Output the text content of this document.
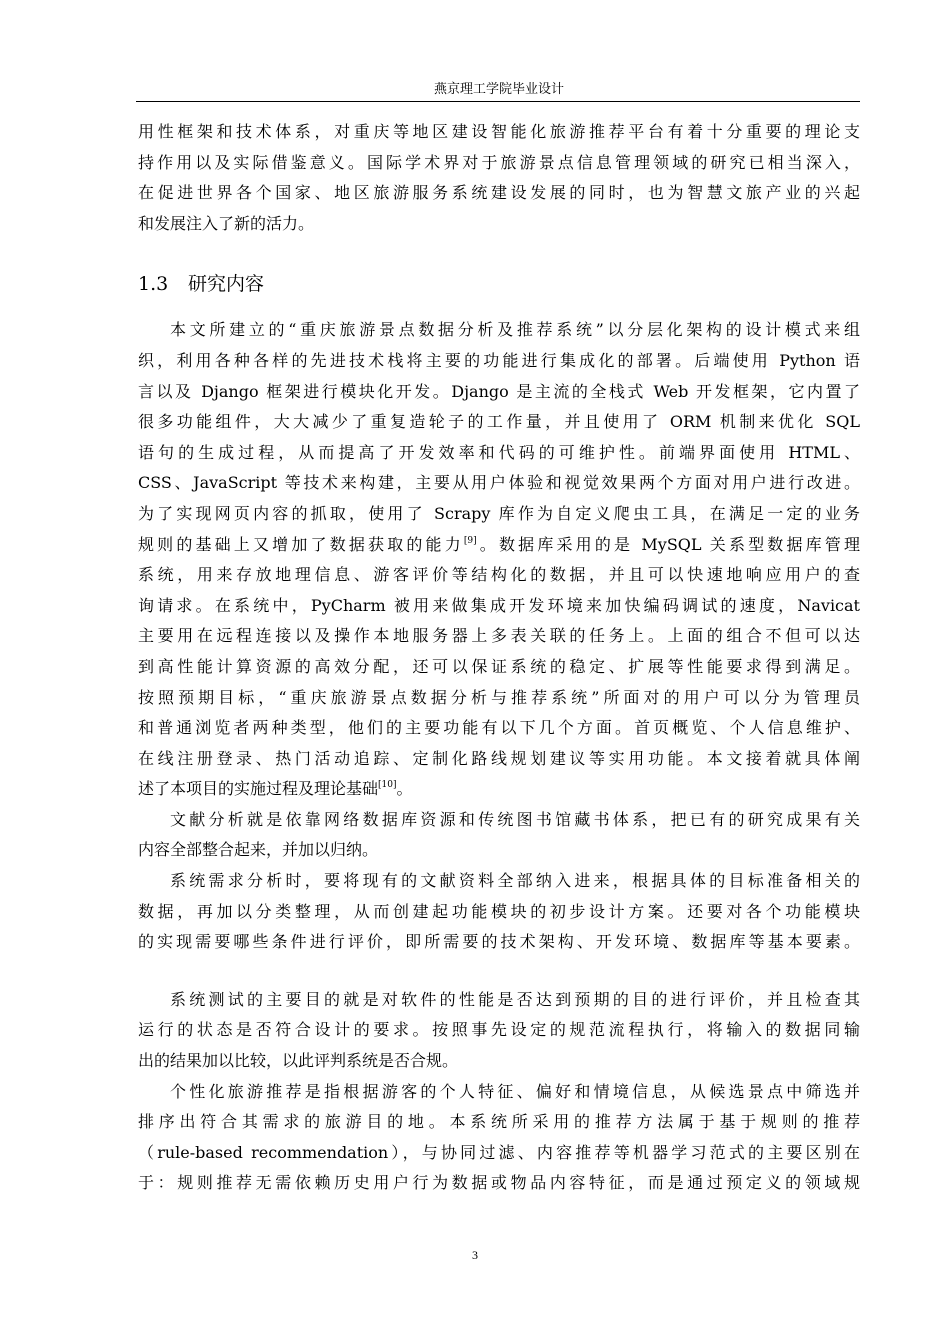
燕京理工学院毕业设计
用性框架和技术体系，对重庆等地区建设智能化旅游推荐平台有着十分重要的理论支
持作用以及实际借鉴意义。国际学术界对于旅游景点信息管理领域的研究已相当深入，
在促进世界各个国家、地区旅游服务系统建设发展的同时，也为智慧文旅产业的兴起
和发展注入了新的活力。
1.3 研究内容
本文所建立的“重庆旅游景点数据分析及推荐系统”以分层化架构的设计模式来组
织，利用各种各样的先进技术栈将主要的功能进行集成化的部署。后端使用 Python 语
言以及 Django 框架进行模块化开发。Django 是主流的全栈式 Web 开发框架，它内置了
很多功能组件，大大减少了重复造轮子的工作量，并且使用了 ORM 机制来优化 SQL
语句的生成过程，从而提高了开发效率和代码的可维护性。前端界面使用 HTML、
CSS、JavaScript 等技术来构建，主要从用户体验和视觉效果两个方面对用户进行改进。
为了实现网页内容的抓取，使用了 Scrapy 库作为自定义爬虫工具，在满足一定的业务
规则的基础上又增加了数据获取的能力[9]。数据库采用的是 MySQL 关系型数据库管理
系统，用来存放地理信息、游客评价等结构化的数据，并且可以快速地响应用户的查
询请求。在系统中，PyCharm 被用来做集成开发环境来加快编码调试的速度，Navicat
主要用在远程连接以及操作本地服务器上多表关联的任务上。上面的组合不但可以达
到高性能计算资源的高效分配，还可以保证系统的稳定、扩展等性能要求得到满足。
按照预期目标，“重庆旅游景点数据分析与推荐系统”所面对的用户可以分为管理员
和普通浏览者两种类型，他们的主要功能有以下几个方面。首页概览、个人信息维护、
在线注册登录、热门活动追踪、定制化路线规划建议等实用功能。本文接着就具体阐
述了本项目的实施过程及理论基础[10]。
文献分析就是依靠网络数据库资源和传统图书馆藏书体系，把已有的研究成果有关
内容全部整合起来，并加以归纳。
系统需求分析时，要将现有的文献资料全部纳入进来，根据具体的目标准备相关的
数据，再加以分类整理，从而创建起功能模块的初步设计方案。还要对各个功能模块
的实现需要哪些条件进行评价，即所需要的技术架构、开发环境、数据库等基本要素。
系统测试的主要目的就是对软件的性能是否达到预期的目的进行评价，并且检查其
运行的状态是否符合设计的要求。按照事先设定的规范流程执行，将输入的数据同输
出的结果加以比较，以此评判系统是否合规。
个性化旅游推荐是指根据游客的个人特征、偏好和情境信息，从候选景点中筛选并
排序出符合其需求的旅游目的地。本系统所采用的推荐方法属于基于规则的推荐
（rule-based recommendation），与协同过滤、内容推荐等机器学习范式的主要区别在
于：规则推荐无需依赖历史用户行为数据或物品内容特征，而是通过预定义的领域规
3
